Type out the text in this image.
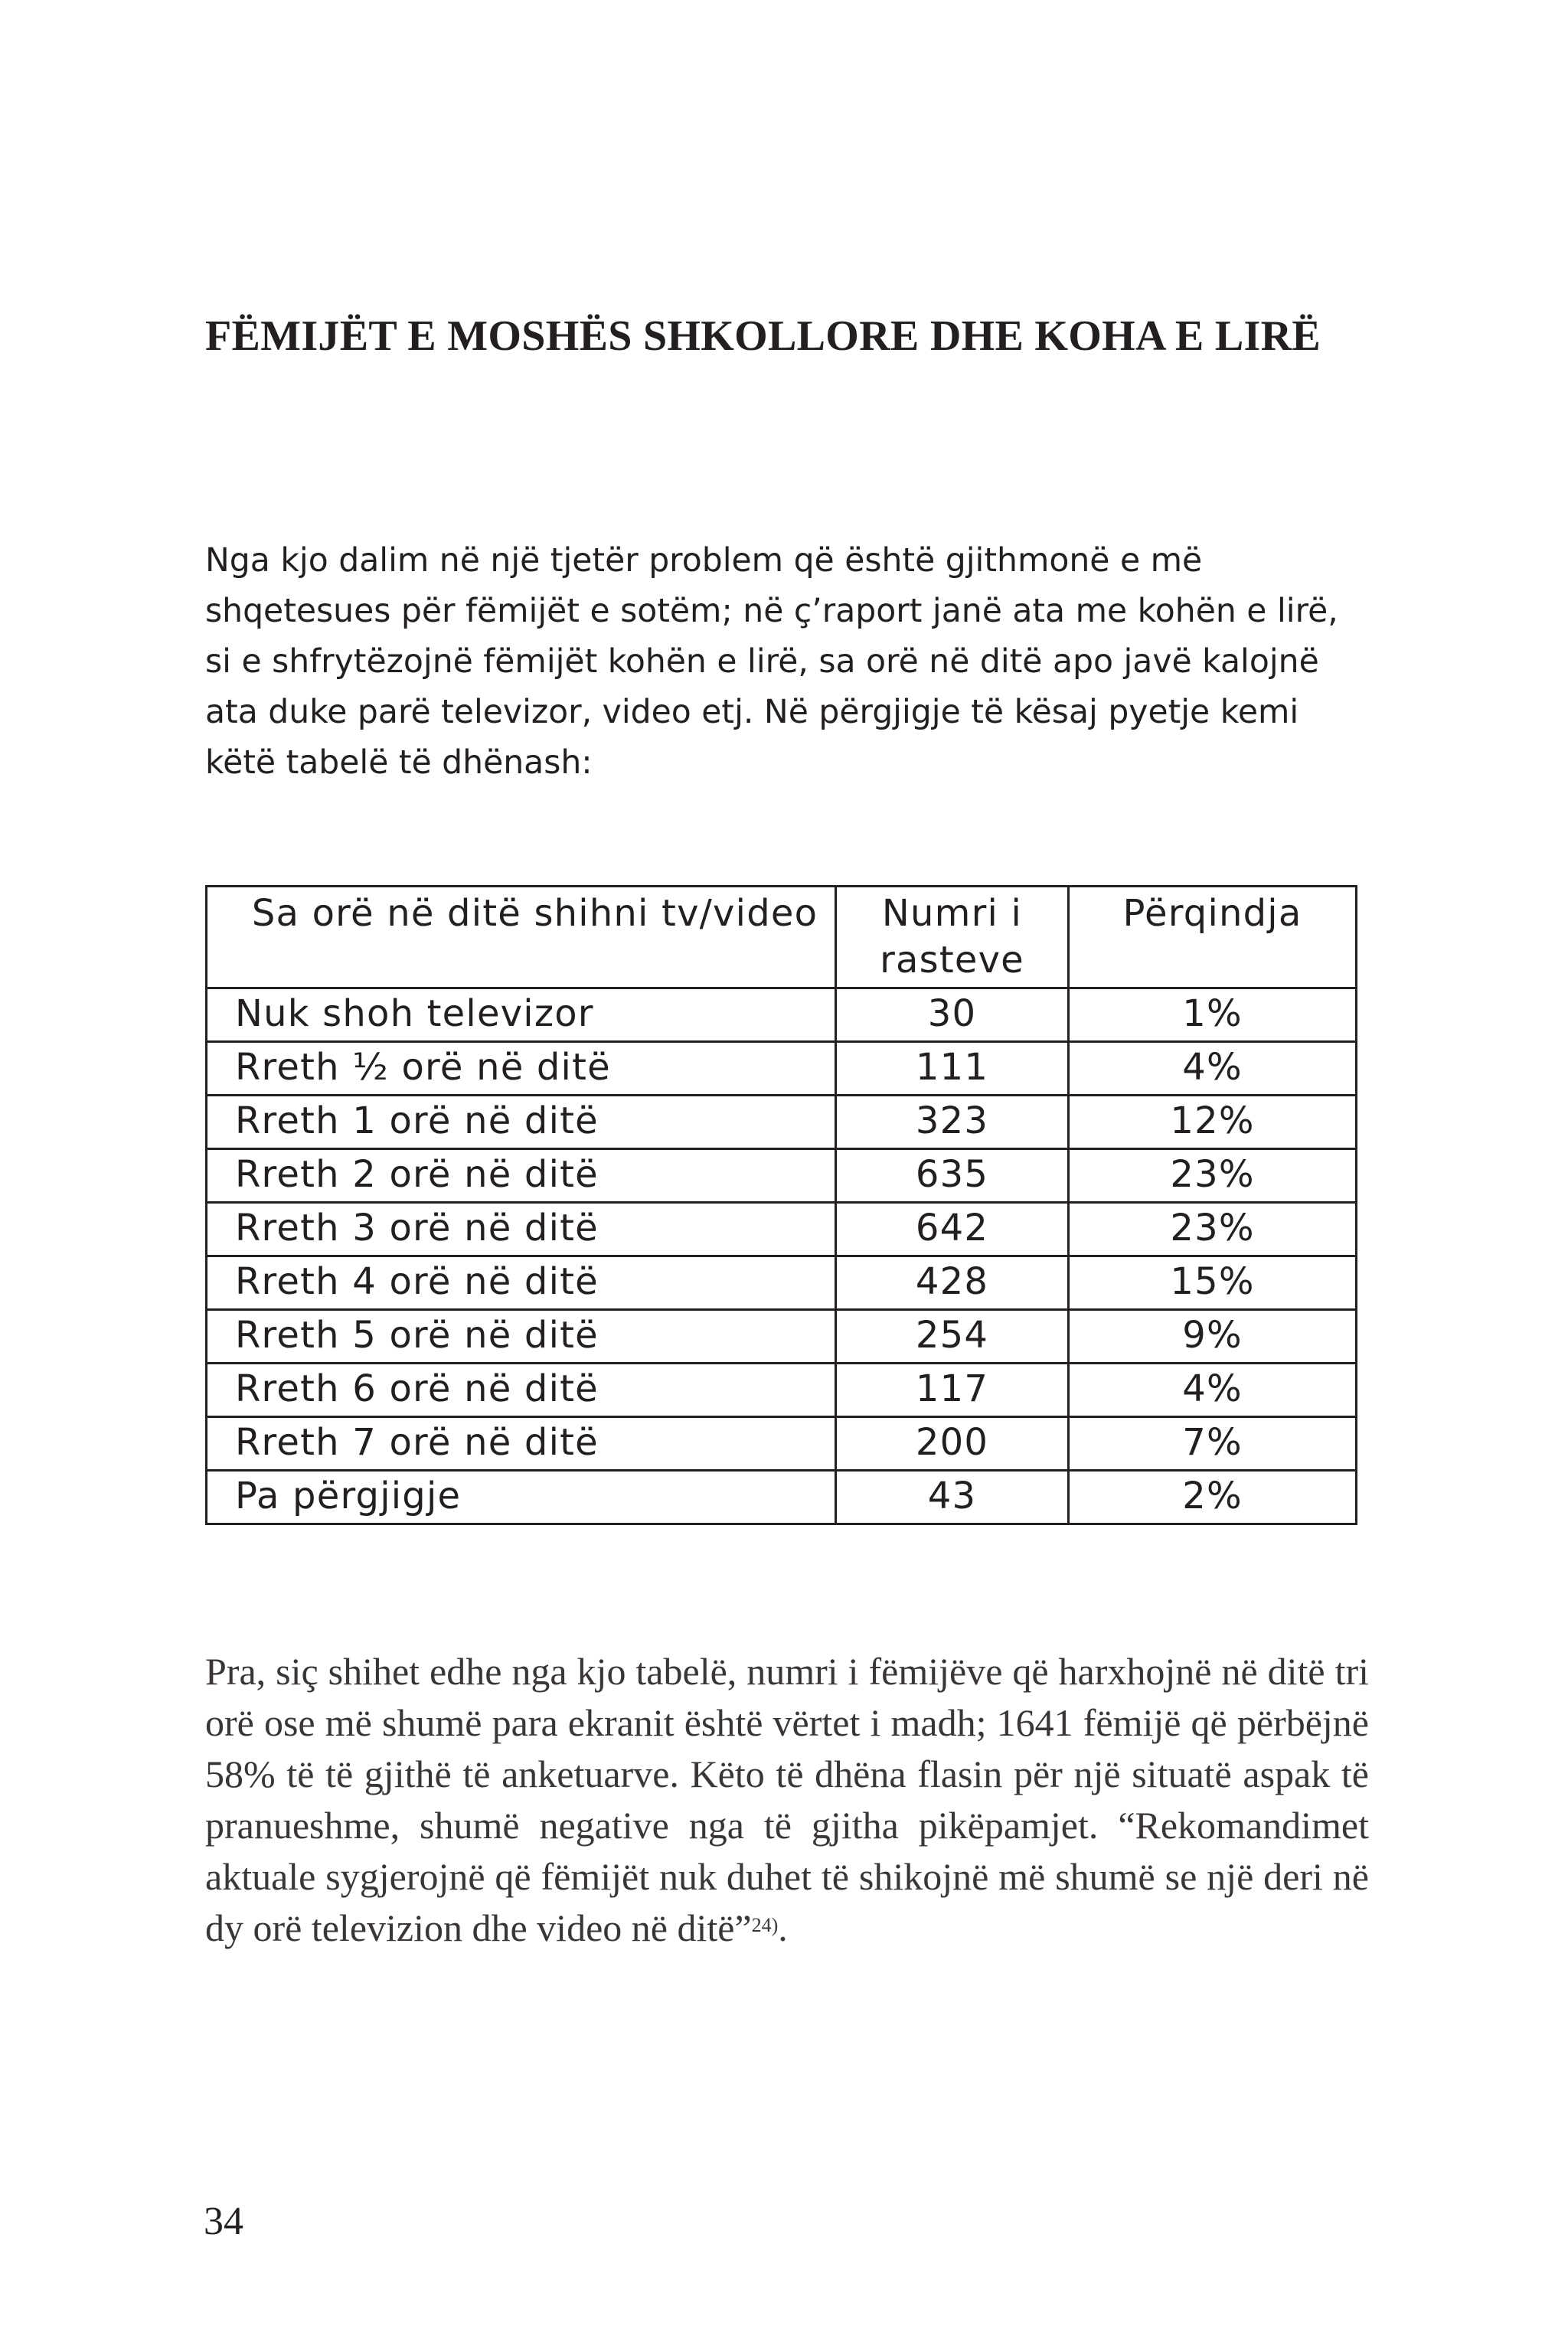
FËMIJËT E MOSHËS SHKOLLORE DHE KOHA E LIRË

Nga kjo dalim në një tjetër problem që është gjithmonë e më shqetesues për fëmijët e sotëm; në ç’raport janë ata me kohën e lirë, si e shfrytëzojnë fëmijët kohën e lirë, sa orë në ditë apo javë kalojnë ata duke parë televizor, video etj. Në përgjigje të kësaj pyetje kemi këtë tabelë të dhënash:

Sa orë në ditë shihni tv/video	Numri i rasteve	Përqindja
Nuk shoh televizor	30	1%
Rreth ½ orë në ditë	111	4%
Rreth 1 orë në ditë	323	12%
Rreth 2 orë në ditë	635	23%
Rreth 3 orë në ditë	642	23%
Rreth 4 orë në ditë	428	15%
Rreth 5 orë në ditë	254	9%
Rreth 6 orë në ditë	117	4%
Rreth 7 orë në ditë	200	7%
Pa përgjigje	43	2%

Pra, siç shihet edhe nga kjo tabelë, numri i fëmijëve që harxhojnë në ditë tri orë ose më shumë para ekranit është vërtet i madh; 1641 fëmijë që përbëjnë 58% të të gjithë të anketuarve. Këto të dhëna flasin për një situatë aspak të pranueshme, shumë negative nga të gjitha pikëpamjet. “Rekomandimet aktuale sygjerojnë që fëmijët nuk duhet të shikojnë më shumë se një deri në dy orë televizion dhe video në ditë”$^{24)}$.

34
